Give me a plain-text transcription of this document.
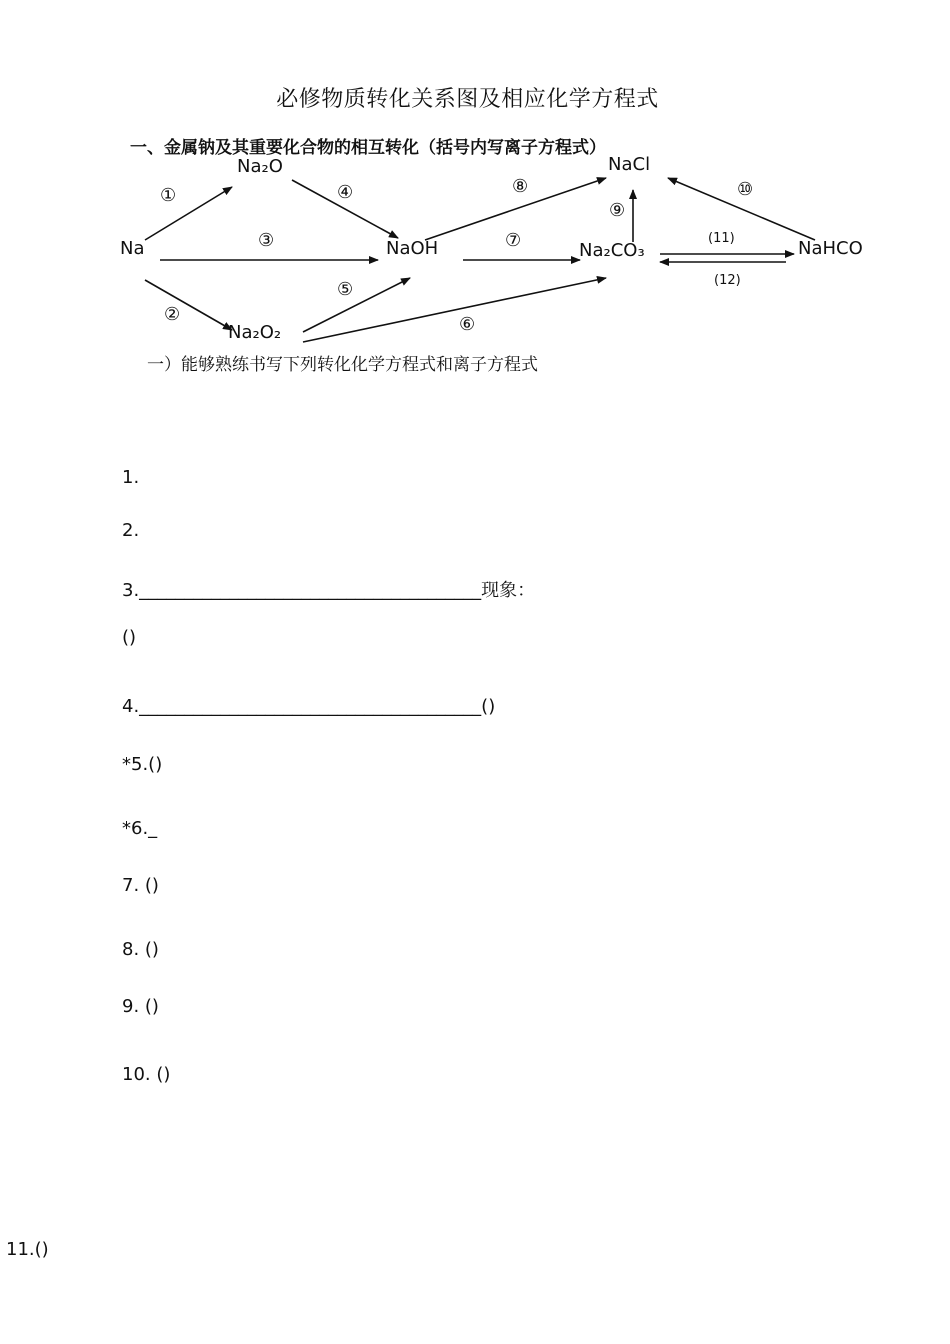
必修物质转化关系图及相应化学方程式
一、金属钠及其重要化合物的相互转化（括号内写离子方程式）
Na
Na₂O
Na₂O₂
NaOH	Na₂CO₃
NaCl
NaHCO
①
②
③
④
⑤
⑥
⑦
⑧
⑨
⑩
(11)
(12)
一）能够熟练书写下列转化化学方程式和离子方程式
1.
2.
3.______________________________________现象：
()
4.______________________________________()
*5.()
*6._
7. ()
8. ()
9. ()
10. ()
11.()
